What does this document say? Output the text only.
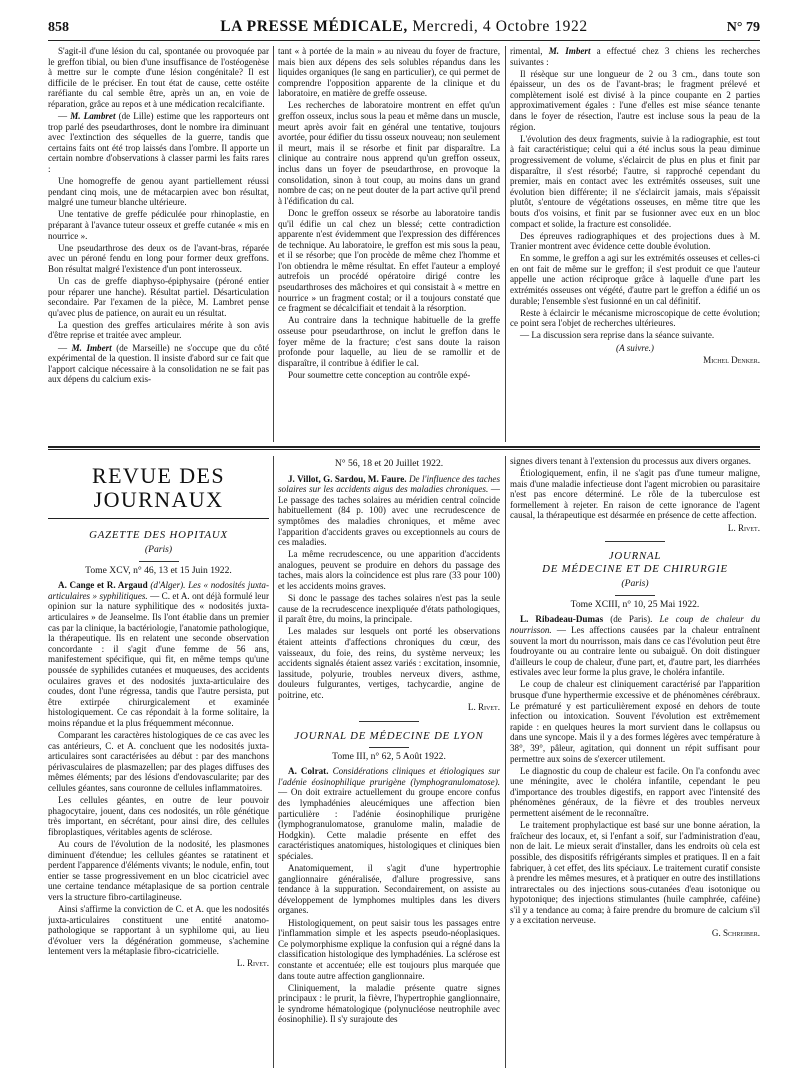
858	LA PRESSE MÉDICALE, Mercredi, 4 Octobre 1922	N° 79

S'agit-il d'une lésion du cal, spontanée ou provoquée par le greffon tibial, ou bien d'une insuffisance de l'ostéogenèse à mettre sur le compte d'une lésion congénitale? Il est difficile de le préciser. En tout état de cause, cette ostéite raréfiante du cal semble être, après un an, en voie de réparation, grâce au repos et à une médication recalcifiante.

— M. Lambret (de Lille) estime que les rapporteurs ont trop parlé des pseudarthroses, dont le nombre ira diminuant avec l'extinction des séquelles de la guerre, tandis que certains faits ont été trop laissés dans l'ombre. Il apporte un certain nombre d'observations à classer parmi les faits rares :

Une homogreffe de genou ayant partiellement réussi pendant cinq mois, une de métacarpien avec bon résultat, malgré une tumeur blanche ultérieure.

Une tentative de greffe pédiculée pour rhinoplastie, en préparant à l'avance tuteur osseux et greffe cutanée « mis en nourrice ».

Une pseudarthrose des deux os de l'avant-bras, réparée avec un péroné fendu en long pour former deux greffons. Bon résultat malgré l'existence d'un pont interosseux.

Un cas de greffe diaphyso-épiphysaire (péroné entier pour réparer une hanche). Résultat partiel. Désarticulation secondaire. Par l'examen de la pièce, M. Lambret pense qu'avec plus de patience, on aurait eu un résultat.

La question des greffes articulaires mérite à son avis d'être reprise et traitée avec ampleur.

— M. Imbert (de Marseille) ne s'occupe que du côté expérimental de la question. Il insiste d'abord sur ce fait que l'apport calcique nécessaire à la consolidation ne se fait pas aux dépens du calcium exis-

tant « à portée de la main » au niveau du foyer de fracture, mais bien aux dépens des sels solubles répandus dans les liquides organiques (le sang en particulier), ce qui permet de comprendre l'opposition apparente de la clinique et du laboratoire, en matière de greffe osseuse.

Les recherches de laboratoire montrent en effet qu'un greffon osseux, inclus sous la peau et même dans un muscle, meurt après avoir fait en général une tentative, toujours avortée, pour édifier du tissu osseux nouveau; non seulement il meurt, mais il se résorbe et finit par disparaître. La clinique au contraire nous apprend qu'un greffon osseux, inclus dans un foyer de pseudarthrose, en provoque la consolidation, sinon à tout coup, au moins dans un grand nombre de cas; on ne peut douter de la part active qu'il prend à l'édification du cal.

Donc le greffon osseux se résorbe au laboratoire tandis qu'il édifie un cal chez un blessé; cette contradiction apparente n'est évidemment que l'expression des différences de technique. Au laboratoire, le greffon est mis sous la peau, et il se résorbe; que l'on procède de même chez l'homme et l'on obtiendra le même résultat. En effet l'auteur a employé autrefois un procédé opératoire dirigé contre les pseudarthroses des mâchoires et qui consistait à « mettre en nourrice » un fragment costal; or il a toujours constaté que ce fragment se décalcifiait et tendait à la résorption.

Au contraire dans la technique habituelle de la greffe osseuse pour pseudarthrose, on inclut le greffon dans le foyer même de la fracture; c'est sans doute la raison profonde pour laquelle, au lieu de se ramollir et de disparaître, il contribue à édifier le cal.

Pour soumettre cette conception au contrôle expé-

rimental, M. Imbert a effectué chez 3 chiens les recherches suivantes :

Il résèque sur une longueur de 2 ou 3 cm., dans toute son épaisseur, un des os de l'avant-bras; le fragment prélevé et complètement isolé est divisé à la pince coupante en 2 parties approximativement égales : l'une d'elles est mise séance tenante dans le foyer de résection, l'autre est incluse sous la peau de la région.

L'évolution des deux fragments, suivie à la radiographie, est tout à fait caractéristique; celui qui a été inclus sous la peau diminue progressivement de volume, s'éclaircit de plus en plus et finit par disparaître, il s'est résorbé; l'autre, si rapproché cependant du premier, mais en contact avec les extrémités osseuses, suit une évolution bien différente; il ne s'éclaircit jamais, mais s'épaissit plutôt, s'entoure de végétations osseuses, en même titre que les bouts d'os voisins, et finit par se fusionner avec eux en un bloc compact et solide, la fracture est consolidée.

Des épreuves radiographiques et des projections dues à M. Tranier montrent avec évidence cette double évolution.

En somme, le greffon a agi sur les extrémités osseuses et celles-ci en ont fait de même sur le greffon; il s'est produit ce que l'auteur appelle une action réciproque grâce à laquelle d'une part les extrémités osseuses ont végété, d'autre part le greffon a édifié un os durable; l'ensemble s'est fusionné en un cal définitif.

Reste à éclaircir le mécanisme microscopique de cette évolution; ce point sera l'objet de recherches ultérieures.

— La discussion sera reprise dans la séance suivante.

(A suivre.)

Michel Denker.

REVUE DES JOURNAUX
GAZETTE DES HOPITAUX
(Paris)
Tome XCV, n° 46, 13 et 15 Juin 1922.

A. Cange et R. Argaud (d'Alger). Les « nodosités juxta-articulaires » syphilitiques. — C. et A. ont déjà formulé leur opinion sur la nature syphilitique des « nodosités juxta-articulaires » de Jeanselme. Ils l'ont établie dans un premier cas par la clinique, la bactériologie, l'anatomie pathologique, la thérapeutique. Ils en relatent une seconde observation concordante : il s'agit d'une femme de 56 ans, manifestement spécifique, qui fit, en même temps qu'une poussée de syphilides cutanées et muqueuses, des accidents oculaires graves et des nodosités juxta-articulaire des coudes, dont l'une régressa, tandis que l'autre persista, put être extirpée chirurgicalement et examinée histologiquement. Ce cas répondait à la forme solitaire, la moins répandue et la plus fréquemment méconnue.

Comparant les caractères histologiques de ce cas avec les cas antérieurs, C. et A. concluent que les nodosités juxta-articulaires sont caractérisées au début : par des manchons périvasculaires de plasmazellen; par des plages diffuses des mêmes éléments; par des lésions d'endovascularite; par des cellules géantes, sans couronne de cellules inflammatoires.

Les cellules géantes, en outre de leur pouvoir phagocytaire, jouent, dans ces nodosités, un rôle génétique très important, en sécrétant, pour ainsi dire, des cellules fibroplastiques, véritables agents de sclérose.

Au cours de l'évolution de la nodosité, les plasmones diminuent d'étendue; les cellules géantes se ratatinent et perdent l'apparence d'éléments vivants; le nodule, enfin, tout entier se tasse progressivement en un bloc cicatriciel avec une certaine tendance métaplasique de sa portion centrale vers la structure fibro-cartilagineuse.

Ainsi s'affirme la conviction de C. et A. que les nodosités juxta-articulaires constituent une entité anatomo-pathologique se rapportant à un syphilome qui, au lieu d'évoluer vers la dégénération gommeuse, s'achemine lentement vers la métaplasie fibro-cicatricielle.

L. Rivet.

N° 56, 18 et 20 Juillet 1922.

J. Villot, G. Sardou, M. Faure. De l'influence des taches solaires sur les accidents aigus des maladies chroniques. — Le passage des taches solaires au méridien central coïncide habituellement (84 p. 100) avec une recrudescence de symptômes des maladies chroniques, et même avec l'apparition d'accidents graves ou exceptionnels au cours de ces maladies.

La même recrudescence, ou une apparition d'accidents analogues, peuvent se produire en dehors du passage des taches, mais alors la coïncidence est plus rare (33 pour 100) et les accidents moins graves.

Si donc le passage des taches solaires n'est pas la seule cause de la recrudescence inexpliquée d'états pathologiques, il paraît être, du moins, la principale.

Les malades sur lesquels ont porté les observations étaient atteints d'affections chroniques du cœur, des vaisseaux, du foie, des reins, du système nerveux; les accidents signalés étaient assez variés : excitation, insomnie, lassitude, polyurie, troubles nerveux divers, asthme, douleurs fulgurantes, vertiges, tachycardie, angine de poitrine, etc.

L. Rivet.

JOURNAL DE MÉDECINE DE LYON
Tome III, n° 62, 5 Août 1922.

A. Colrat. Considérations cliniques et étiologiques sur l'adénie éosinophilique prurigène (lymphogranulomatose). — On doit extraire actuellement du groupe encore confus des lymphadénies aleucémiques une affection bien particulière : l'adénie éosinophilique prurigène (lymphogranulomatose, granulome malin, maladie de Hodgkin). Cette maladie présente en effet des caractéristiques anatomiques, histologiques et cliniques bien spéciales.

Anatomiquement, il s'agit d'une hypertrophie ganglionnaire généralisée, d'allure progressive, sans tendance à la suppuration. Secondairement, on assiste au développement de lymphomes multiples dans les divers organes.

Histologiquement, on peut saisir tous les passages entre l'inflammation simple et les aspects pseudo-néoplasiques. Ce polymorphisme explique la confusion qui a régné dans la classification histologique des lymphadénies. La sclérose est constante et accentuée; elle est toujours plus marquée que dans toute autre affection ganglionnaire.

Cliniquement, la maladie présente quatre signes principaux : le prurit, la fièvre, l'hypertrophie ganglionnaire, le syndrome hématologique (polynucléose neutrophile avec éosinophilie). Il s'y surajoute des

signes divers tenant à l'extension du processus aux divers organes.

Étiologiquement, enfin, il ne s'agit pas d'une tumeur maligne, mais d'une maladie infectieuse dont l'agent microbien ou parasitaire n'est pas encore déterminé. Le rôle de la tuberculose est formellement à rejeter. En raison de cette ignorance de l'agent causal, la thérapeutique est désarmée en présence de cette affection.

L. Rivet.

JOURNAL
DE MÉDECINE ET DE CHIRURGIE
(Paris)
Tome XCIII, n° 10, 25 Mai 1922.

L. Ribadeau-Dumas (de Paris). Le coup de chaleur du nourrisson. — Les affections causées par la chaleur entraînent souvent la mort du nourrisson, mais dans ce cas l'évolution peut être foudroyante ou au contraire lente ou subaiguë. On doit distinguer d'ailleurs le coup de chaleur, d'une part, et, d'autre part, les diarrhées estivales avec leur forme la plus grave, le choléra infantile.

Le coup de chaleur est cliniquement caractérisé par l'apparition brusque d'une hyperthermie excessive et de phénomènes cérébraux. Le prématuré y est particulièrement exposé en dehors de toute infection ou intoxication. Souvent l'évolution est extrêmement rapide : en quelques heures la mort survient dans le collapsus ou dans une syncope. Mais il y a des formes légères avec température à 38°, 39°, pâleur, agitation, qui donnent un répit suffisant pour permettre aux soins de s'exercer utilement.

Le diagnostic du coup de chaleur est facile. On l'a confondu avec une méningite, avec le choléra infantile, cependant le peu d'importance des troubles digestifs, en rapport avec l'intensité des phénomènes généraux, de la fièvre et des troubles nerveux permettent aisément de le reconnaître.

Le traitement prophylactique est basé sur une bonne aération, la fraîcheur des locaux, et, si l'enfant a soif, sur l'administration d'eau, non de lait. Le mieux serait d'installer, dans les endroits où cela est possible, des dispositifs réfrigérants simples et pratiques. Il en a fait fabriquer, à cet effet, des lits spéciaux. Le traitement curatif consiste à prendre les mêmes mesures, et à pratiquer en outre des instillations intrarectales ou des injections sous-cutanées d'eau isotonique ou hypotonique; des injections stimulantes (huile camphrée, caféine) s'il y a tendance au coma; à faire prendre du bromure de calcium s'il y a excitation nerveuse.

G. Schreiber.
